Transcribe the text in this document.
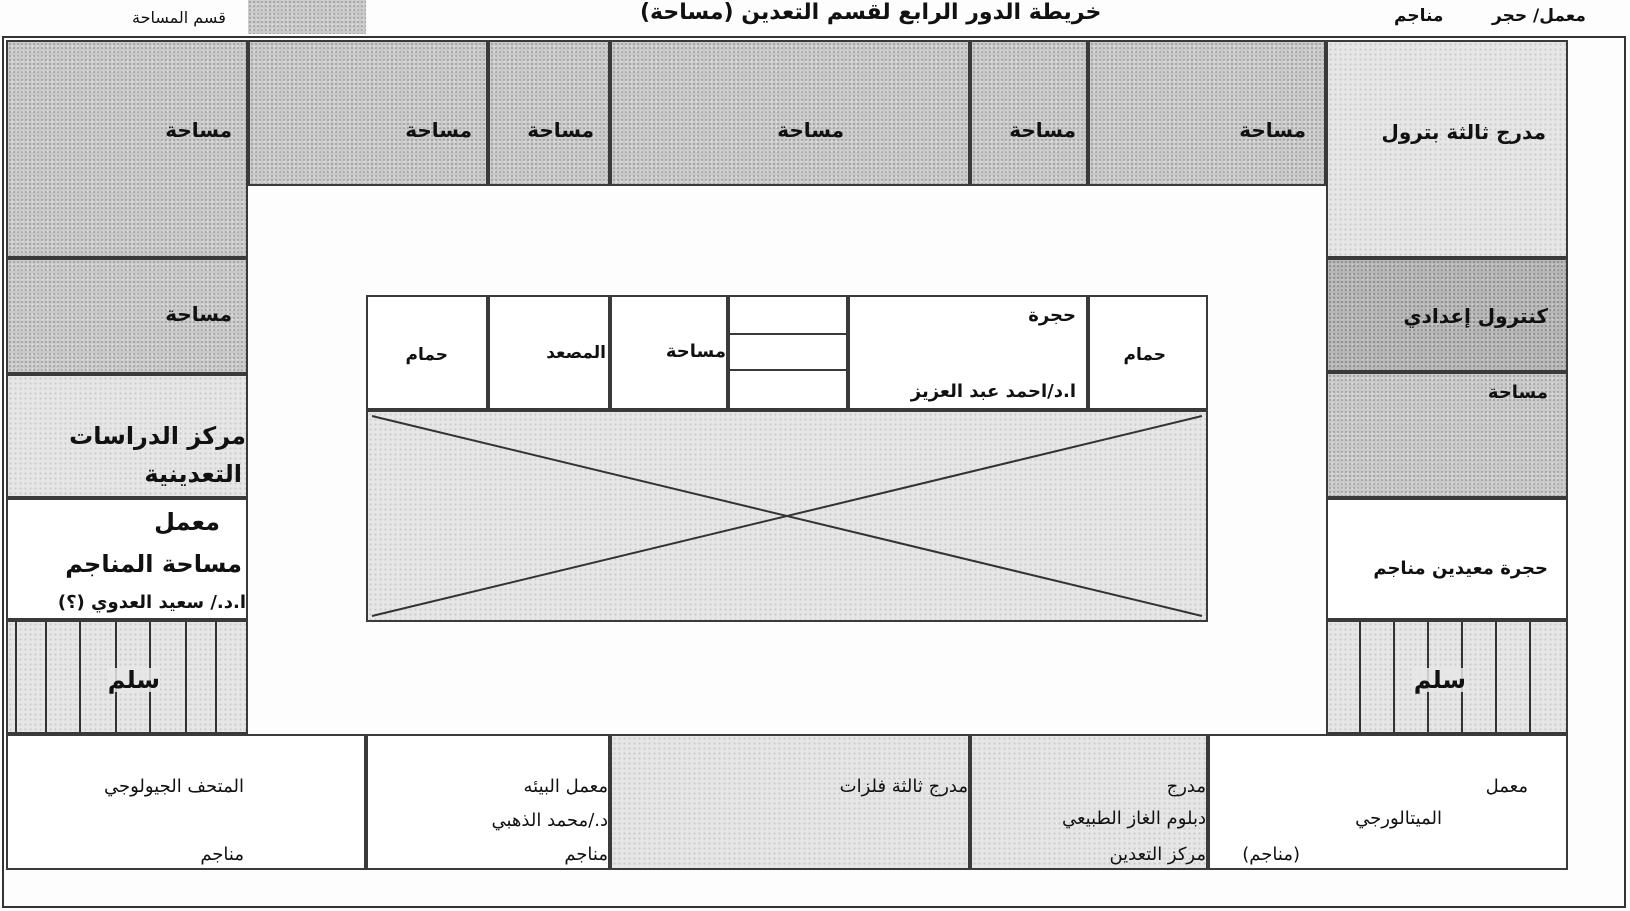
خريطة الدور الرابع لقسم التعدين (مساحة)
قسم المساحة	معمل/ حجر
مناجم
مدرج ثالثة بترول
مساحة
مساحة
مساحة
مساحة
مساحة
مساحة
مساحة
مركز الدراسات
التعدينية
معمل
مساحة المناجم
ا.د./ سعيد العدوي (؟)
سلم
كنترول إعدادي
مساحة
حجرة معيدين مناجم
سلم
حمام
حجرة
ا.د/احمد عبد العزيز
مساحة
المصعد
حمام
معمل
الميتالورجي
(مناجم)
مدرج
دبلوم الغاز الطبيعي
مركز التعدين
مدرج ثالثة فلزات
معمل البيئه
د./محمد الذهبي
مناجم
المتحف الجيولوجي
مناجم
